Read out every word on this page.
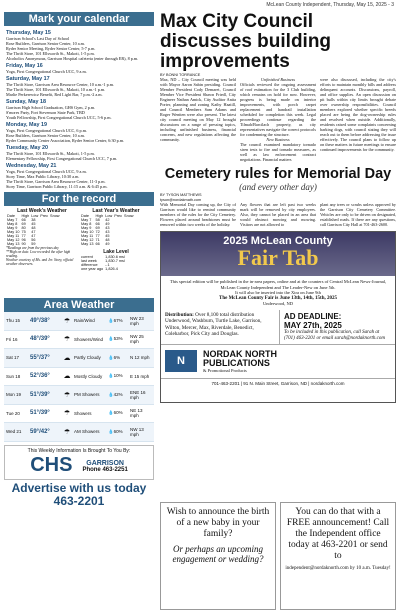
McLean County Independent, Thursday, May 15, 2025 - 3
Mark your calendar
Thursday, May 15
Garrison School's Last Day of School
Rose Builders, Garrison Senior Center, 10 a.m.
Ryder Senior Meeting, Ryder Senior Center, 5-7 p.m.
The Thrift Store, 101 Ellsworth St., Makoti, 1-5 p.m.
Alcoholics Anonymous, Garrison Hospital cafeteria (enter through ER), 8 p.m.
Friday, May 16
Yoga, First Congregational Church UCC, 9 a.m.
Saturday, May 17
The Thrift Store, Garrison Area Resource Center, 10 a.m.-1 p.m.
The Thrift Store, 101 Ellsworth St., Makoti, 10 a.m.-1 p.m.
Marlie Perkerewicz Benefit, Red Light Bar, 7 p.m.-2 a.m.
Sunday, May 18
Garrison High School Graduation, GHS Gym, 2 p.m.
S'mores Party, Fort Stevenson State Park, TBD
Youth Fellowship, First Congregational Church UCC, 5-6 p.m.
Monday, May 19
Yoga, First Congregational Church UCC, 6 p.m.
Rose Builders, Garrison Senior Center, 10 a.m.
Ryder Community Center Association, Ryder Senior Center, 6:30 p.m.
Tuesday, May 20
The Thrift Store, 101 Ellsworth St., Makoti, 1-5 p.m.
Elementary Fellowship, First Congregational Church UCC, 7 p.m.
Wednesday, May 21
Yoga, First Congregational Church UCC, 9 a.m.
Story Time, Max Public Library, 10:30 a.m.
The Thrift Store, Garrison Area Resource Center, 11-3 p.m.
Story Time, Garrison Public Library, 11:15 a.m. & 6:45 p.m.
For the record
Last Week's Weather
Date	High	Low	Prec	Snow
May 7	66	38		
May 8	69	45		
May 9	80	48		
May 10	75	47		
May 11	77	47		
May 12	96	56		
May 13	90	59		
*Readings are from the previous day
**High on date. Low recorded the after high reading.
Weather courtesy of Ms. and Jer. Story, official weather observers.
Last Year's Weather
Date	High	Low	Prec	Snow
May 7	58	42		
May 8	66	49		
May 9	69	43		
May 10	72	43		
May 11	77	45		
May 12	71	48		
May 13	66	49		
Lake Level
current	1,830.6 msl
last week	1,830.7 msl
difference	-.1
one year ago	1,826.4
Area Weather
Thu 15	49°/38°	☂ Rain/Wind	💧67%	NW 23 mph
Fri 16	48°/39°	☂ Showers/Wind	💧53%	NW 25 mph
Sat 17	55°/37°	☁ Partly Cloudy	💧6%	N 12 mph
Sun 18	52°/36°	☁ Mostly Cloudy	💧10%	E 15 mph
Mon 19	51°/39°	☂ PM Showers	💧42%	ENE 16 mph
Tue 20	51°/39°	☂ Showers	💧60%	NE 13 mph
Wed 21	59°/42°	☂ AM Showers	💧60%	NW 13 mph
This Weekly Information Is Brought To You By:
CHS	GARRISON
Phone 463-2251
Advertise with us today
463-2201
Max City Council discusses building improvements
BY BONNI TORRANCE
Max, ND – City Council meeting was held with Mayor Aaron Sabin presiding. Council Member President Cody Demaret, Council Member Vice President Shawn Friedl, City Engineer Nathan Amick, City Auditor Anita Porter, planning and zoning Kathy Haatill, and Council Members Sam Adams and Roger Wentten were also present. The latest city council meeting on May 12 brought discussions on a range of pressing topics, including unfinished business, financial concerns, and new regulations affecting the community.
Unfinished Business
Officials reviewed the ongoing assessment of roof estimation for the 3 Club building, which remains on hold for now. However, progress is being made on interior improvements, with porch carpet replacement and handrail installation scheduled for completion this week. Legal proceedings continue regarding the Tilmah/Barcilach property, as city representatives navigate the correct protocols for condemning the structure.
New Business
The council examined mandatory tornado siren tests to fire and tornado measures, as well as law enforcement contract negotiations. Financial matters
were also discussed, including the city's efforts to maintain monthly bills and address delinquent accounts. Discussions, payroll, and office supplies. An open discussion on pit bulls within city limits brought debate over ownership responsibilities. Council members explored whether specific breeds placed are being the dog-ownership rules and resolved when outside. Additionally, residents raised some complaints concerning barking dogs, with council stating they will reach out to them before addressing the issue effectively. The council plans to follow up on these matters in future meetings to ensure continued improvements for the community.
Cemetery rules for Memorial Day
(and every other day)
BY TYSON MATTHEWS
tyson@nordakmath.com
With Memorial Day coming up, the City of Garrison would like to remind community members of the rules for the City Cemetery. Flowers placed around headstones must be removed within two weeks of the holiday.
Any flowers that are left past two weeks mark will be removed by city employees. Also, they cannot be placed in an area that would obstruct mowing and mowing. Visitors are not allowed to
plant any trees or scrubs unless approved by the Garrison City Cemetery Committee. Vehicles are only to be driven on designated, established roads. If there are any questions, call Garrison City Hall at 701-463-2600.
2025 McLean County
Fair Tab
This special edition will be published in the in-area papers, online and at the counters of Central McLean News-Journal,
McLean County Independent and The Leader-New on June 5th.
It will also be inserted into the Xtra on June 9th
The McLean County Fair is June 13th, 14th, 15th, 2025
Underwood, ND
Distribution: Over 8,100 total distribution Underwood, Washburn, Turtle Lake, Garrison, Wilton, Mercer, Max, Riverdale, Benedict, Coleharbor, Pick City and Douglas.
AD DEADLINE:
MAY 27th, 2025
To be included in this publication, call Sarah at (701) 463-2201 or email sarah@nordaknorth.com
N
NORDAK NORTH
PUBLICATIONS
& Promotional Products
701-463-2201 | 91 N. Main Street, Garrison, ND | nordaknorth.com
Wish to announce the birth of a new baby in your family?
Or perhaps an upcoming engagement or wedding?
You can do that with a FREE announcement! Call the Independent office today at 463-2201 or send to
independent@nordaknorth.com by 10 a.m. Tuesday!
